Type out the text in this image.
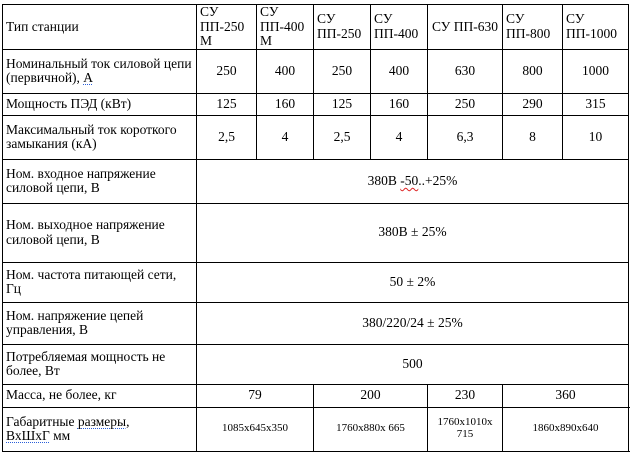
Тип станции	СУ ПП-250 М	СУ ПП-400 М	СУ ПП-250	СУ ПП-400	СУ ПП-630	СУ ПП-800	СУ ПП-1000
Номинальный ток силовой цепи (первичной), А	250	400	250	400	630	800	1000
Мощность ПЭД (кВт)	125	160	125	160	250	290	315
Максимальный ток короткого замыкания (кА)	2,5	4	2,5	4	6,3	8	10
Ном. входное напряжение силовой цепи, В	380В -50..+25%						
Ном. выходное напряжение силовой цепи, В	380В ± 25%						
Ном. частота питающей сети, Гц	50 ± 2%						
Ном. напряжение цепей управления, В	380/220/24 ± 25%						
Потребляемая мощность не более, Вт	500						
Масса, не более, кг	79		200		230	360	
Габаритные размеры,
ВхШхГ мм	1085x645x350		1760x880x 665		1760x1010x 715	1860x890x640	
